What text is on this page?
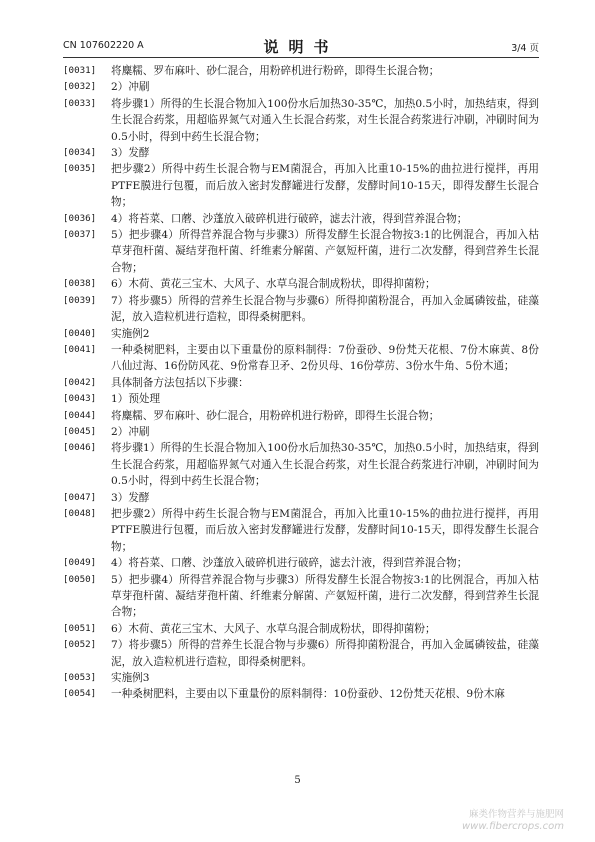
CN 107602220 A	说明书	3/4 页
[0031]	将麋糯、罗布麻叶、砂仁混合，用粉碎机进行粉碎，即得生长混合物；
[0032]	2）冲刷
[0033]	将步骤1）所得的生长混合物加入100份水后加热30-35℃，加热0.5小时，加热结束，得到生长混合药浆，用超临界氮气对通入生长混合药浆，对生长混合药浆进行冲刷，冲刷时间为0.5小时，得到中药生长混合物；
[0034]	3）发酵
[0035]	把步骤2）所得中药生长混合物与EM菌混合，再加入比重10-15%的曲拉进行搅拌，再用PTFE膜进行包覆，而后放入密封发酵罐进行发酵，发酵时间10-15天，即得发酵生长混合物；
[0036]	4）将苔菜、口蘑、沙蓬放入破碎机进行破碎，滤去汁液，得到营养混合物；
[0037]	5）把步骤4）所得营养混合物与步骤3）所得发酵生长混合物按3:1的比例混合，再加入枯草芽孢杆菌、凝结芽孢杆菌、纤维素分解菌、产氨短杆菌，进行二次发酵，得到营养生长混合物；
[0038]	6）木荷、黄花三宝木、大风子、水草乌混合制成粉状，即得抑菌粉；
[0039]	7）将步骤5）所得的营养生长混合物与步骤6）所得抑菌粉混合，再加入金属磷铵盐，硅藻泥，放入造粒机进行造粒，即得桑树肥料。
[0040]	实施例2
[0041]	一种桑树肥料，主要由以下重量份的原料制得：7份蚕砂、9份梵天花根、7份木麻黄、8份八仙过海、16份防风花、9份常春卫矛、2份贝母、16份葶苈、3份水牛角、5份木通；
[0042]	具体制备方法包括以下步骤：
[0043]	1）预处理
[0044]	将麋糯、罗布麻叶、砂仁混合，用粉碎机进行粉碎，即得生长混合物；
[0045]	2）冲刷
[0046]	将步骤1）所得的生长混合物加入100份水后加热30-35℃，加热0.5小时，加热结束，得到生长混合药浆，用超临界氮气对通入生长混合药浆，对生长混合药浆进行冲刷，冲刷时间为0.5小时，得到中药生长混合物；
[0047]	3）发酵
[0048]	把步骤2）所得中药生长混合物与EM菌混合，再加入比重10-15%的曲拉进行搅拌，再用PTFE膜进行包覆，而后放入密封发酵罐进行发酵，发酵时间10-15天，即得发酵生长混合物；
[0049]	4）将苔菜、口蘑、沙蓬放入破碎机进行破碎，滤去汁液，得到营养混合物；
[0050]	5）把步骤4）所得营养混合物与步骤3）所得发酵生长混合物按3:1的比例混合，再加入枯草芽孢杆菌、凝结芽孢杆菌、纤维素分解菌、产氨短杆菌，进行二次发酵，得到营养生长混合物；
[0051]	6）木荷、黄花三宝木、大风子、水草乌混合制成粉状，即得抑菌粉；
[0052]	7）将步骤5）所得的营养生长混合物与步骤6）所得抑菌粉混合，再加入金属磷铵盐，硅藻泥，放入造粒机进行造粒，即得桑树肥料。
[0053]	实施例3
[0054]	一种桑树肥料，主要由以下重量份的原料制得：10份蚕砂、12份梵天花根、9份木麻
5
麻类作物营养与施肥网
www.fibercrops.com
